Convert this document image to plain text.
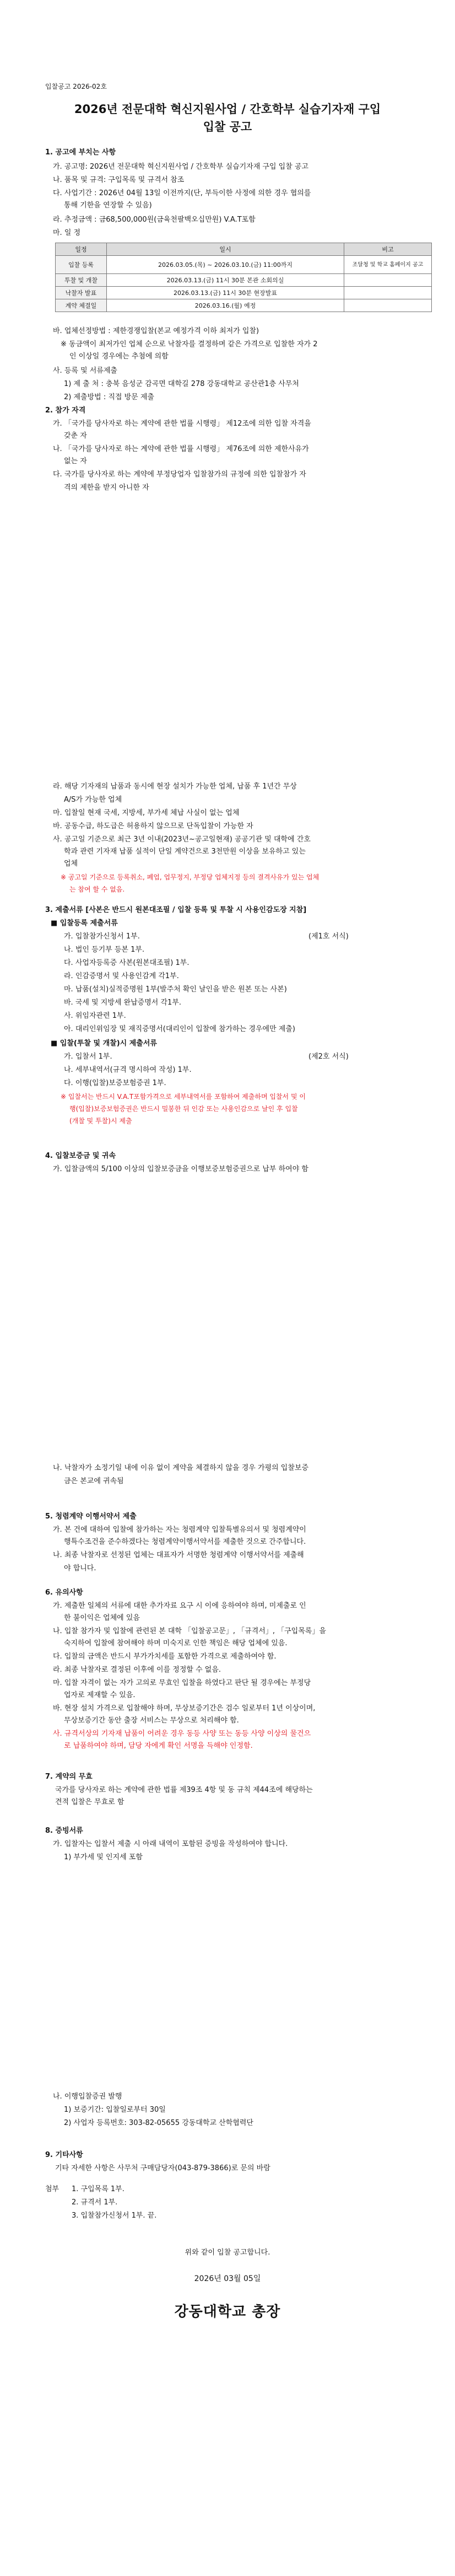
입찰공고 2026-02호
2026년 전문대학 혁신지원사업 / 간호학부 실습기자재 구입
입찰 공고
1. 공고에 부치는 사항
가. 공고명: 2026년 전문대학 혁신지원사업 / 간호학부 실습기자재 구입 입찰 공고
나. 품목 및 규격: 구입목록 및 규격서 참조
다. 사업기간 : 2026년 04월 13일 이전까지(단, 부득이한 사정에 의한 경우 협의를
통해 기한을 연장할 수 있음)
라. 추정금액 : 금68,500,000원(금육천팔백오십만원) V.A.T포함
마. 일 정
일정	일시	비고
입찰 등록	2026.03.05.(목) ~ 2026.03.10.(금) 11:00까지	조달청 및 학교 홈페이지 공고
투찰 및 개찰	2026.03.13.(금) 11시 30분 본관 소회의실	
낙찰자 발표	2026.03.13.(금) 11시 30분 현장발표	
계약 체결일	2026.03.16.(월) 예정	
바. 업체선정방법 : 제한경쟁입찰(본교 예정가격 이하 최저가 입찰)
※ 동금액이 최저가인 업체 순으로 낙찰자를 결정하며 같은 가격으로 입찰한 자가 2
인 이상일 경우에는 추첨에 의함
사. 등록 및 서류제출
1) 제 출 처 : 충북 음성군 감곡면 대학길 278 강동대학교 공산관1층 사무처
2) 제출방법 : 직접 방문 제출
2. 참가 자격
가. 「국가를 당사자로 하는 계약에 관한 법률 시행령」 제12조에 의한 입찰 자격을
갖춘 자
나. 「국가를 당사자로 하는 계약에 관한 법률 시행령」 제76조에 의한 제한사유가
없는 자
다. 국가를 당사자로 하는 계약에 부정당업자 입찰참가의 규정에 의한 입찰참가 자
격의 제한을 받지 아니한 자
라. 해당 기자재의 납품과 동시에 현장 설치가 가능한 업체, 납품 후 1년간 무상
A/S가 가능한 업체
마. 입찰일 현재 국세, 지방세, 부가세 체납 사실이 없는 업체
바. 공동수급, 하도급은 허용하지 않으므로 단독입찰이 가능한 자
사. 공고일 기준으로 최근 3년 이내(2023년~공고일현재) 공공기관 및 대학에 간호
학과 관련 기자재 납품 실적이 단일 계약건으로 3천만원 이상을 보유하고 있는
업체
※ 공고일 기준으로 등록취소, 폐업, 업무정지, 부정당 업체지정 등의 결격사유가 있는 업체
는 참여 할 수 없음.
3. 제출서류 [사본은 반드시 원본대조필 / 입찰 등록 및 투찰 시 사용인감도장 지참]
■ 입찰등록 제출서류
가. 입찰참가신청서 1부.	(제1호 서식)
나. 법인 등기부 등본 1부.
다. 사업자등록증 사본(원본대조필) 1부.
라. 인감증명서 및 사용인감계 각1부.
마. 납품(설치)실적증명원 1부(발주처 확인 날인을 받은 원본 또는 사본)
바. 국세 및 지방세 완납증명서 각1부.
사. 위임자관련 1부.
아. 대리인위임장 및 재직증명서(대리인이 입찰에 참가하는 경우에만 제출)
■ 입찰(투찰 및 개찰)시 제출서류
가. 입찰서 1부.	(제2호 서식)
나. 세부내역서(규격 명시하여 작성) 1부.
다. 이행(입찰)보증보험증권 1부.
※ 입찰서는 반드시 V.A.T포함가격으로 세부내역서를 포함하여 제출하며 입찰서 및 이
행(입찰)보증보험증권은 반드시 밀봉한 뒤 인감 또는 사용인감으로 날인 후 입찰
(개찰 및 투찰)시 제출
4. 입찰보증금 및 귀속
가. 입찰금액의 5/100 이상의 입찰보증금을 이행보증보험증권으로 납부 하여야 함
나. 낙찰자가 소정기일 내에 이유 없이 계약을 체결하지 않을 경우 가평의 입찰보증
금은 본교에 귀속됨
5. 청렴계약 이행서약서 제출
가. 본 건에 대하여 입찰에 참가하는 자는 청렴계약 입찰특별유의서 및 청렴계약이
행특수조건을 준수하겠다는 청렴계약이행서약서를 제출한 것으로 간주합니다.
나. 최종 낙찰자로 선정된 업체는 대표자가 서명한 청렴계약 이행서약서를 제출해
야 합니다.
6. 유의사항
가. 제출한 일체의 서류에 대한 추가자료 요구 시 이에 응하여야 하며, 미제출로 인
한 불이익은 업체에 있음
나. 입찰 참가자 및 입찰에 관련된 본 대학 「입찰공고문」, 「규격서」, 「구입목록」을
숙지하여 입찰에 참여해야 하며 미숙지로 인한 책임은 해당 업체에 있음.
다. 입찰의 금액은 반드시 부가가치세를 포함한 가격으로 제출하여야 함.
라. 최종 낙찰자로 결정된 이후에 이를 정정할 수 없음.
마. 입찰 자격이 없는 자가 고의로 무효인 입찰을 하였다고 판단 될 경우에는 부정당
업자로 제재할 수 있음.
바. 현장 설치 가격으로 입찰해야 하며, 무상보증기간은 검수 일로부터 1년 이상이며,
무상보증기간 동안 출장 서비스는 무상으로 처리해야 함.
사. 규격서상의 기자재 납품이 어려운 경우 동등 사양 또는 동등 사양 이상의 물건으
로 납품하여야 하며, 담당 자에게 확인 서명을 득해야 인정함.
7. 계약의 무효
국가를 당사자로 하는 계약에 관한 법률 제39조 4항 및 동 규칙 제44조에 해당하는
견적 입찰은 무효로 함
8. 증빙서류
가. 입찰자는 입찰서 제출 시 아래 내역이 포함된 증빙을 작성하여야 합니다.
1) 부가세 및 인지세 포함
나. 이행입찰증권 발행
1) 보증기간: 입찰일로부터 30일
2) 사업자 등록번호: 303-82-05655 강동대학교 산학협력단
9. 기타사항
기타 자세한 사항은 사무처 구매담당자(043-879-3866)로 문의 바람
첨부 1. 구입목록 1부.
2. 규격서 1부.
3. 입찰참가신청서 1부. 끝.
위와 같이 입찰 공고합니다.
2026년 03월 05일
강동대학교 총장
